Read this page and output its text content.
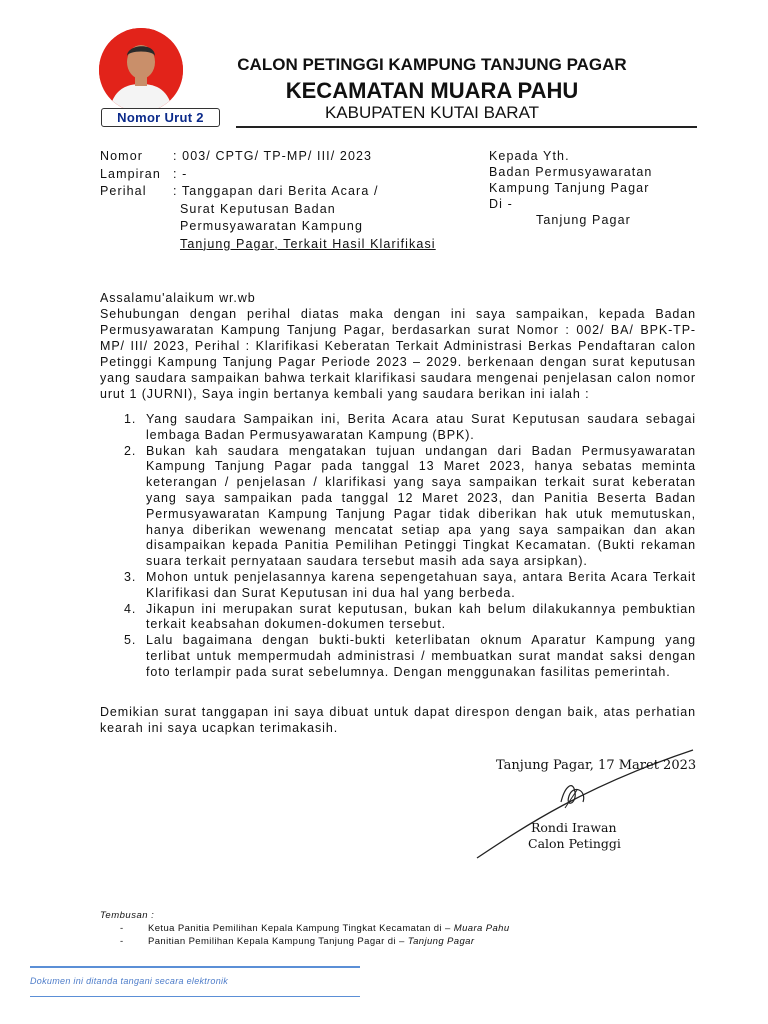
Nomor Urut 2
CALON PETINGGI KAMPUNG TANJUNG PAGAR
KECAMATAN MUARA PAHU
KABUPATEN KUTAI BARAT
Nomor	: 003/ CPTG/ TP-MP/ III/ 2023
Lampiran : -
Perihal	: Tanggapan dari Berita Acara /
Surat Keputusan Badan
Permusyawaratan Kampung
Tanjung Pagar, Terkait Hasil Klarifikasi
Kepada Yth.
Badan Permusyawaratan
Kampung Tanjung Pagar
Di -
Tanjung Pagar

Assalamu'alaikum wr.wb

Sehubungan dengan perihal diatas maka dengan ini saya sampaikan, kepada Badan Permusyawaratan Kampung Tanjung Pagar, berdasarkan surat Nomor : 002/ BA/ BPK-TP-MP/ III/ 2023, Perihal : Klarifikasi Keberatan Terkait Administrasi Berkas Pendaftaran calon Petinggi Kampung Tanjung Pagar Periode 2023 – 2029. berkenaan dengan surat keputusan yang saudara sampaikan bahwa terkait klarifikasi saudara mengenai penjelasan calon nomor urut 1 (JURNI), Saya ingin bertanya kembali yang saudara berikan ini ialah :

1. Yang saudara Sampaikan ini, Berita Acara atau Surat Keputusan saudara sebagai lembaga Badan Permusyawaratan Kampung (BPK).
2. Bukan kah saudara mengatakan tujuan undangan dari Badan Permusyawaratan Kampung Tanjung Pagar pada tanggal 13 Maret 2023, hanya sebatas meminta keterangan / penjelasan / klarifikasi yang saya sampaikan terkait surat keberatan yang saya sampaikan pada tanggal 12 Maret 2023, dan Panitia Beserta Badan Permusyawaratan Kampung Tanjung Pagar tidak diberikan hak utuk memutuskan, hanya diberikan wewenang mencatat setiap apa yang saya sampaikan dan akan disampaikan kepada Panitia Pemilihan Petinggi Tingkat Kecamatan. (Bukti rekaman suara terkait pernyataan saudara tersebut masih ada saya arsipkan).
3. Mohon untuk penjelasannya karena sepengetahuan saya, antara Berita Acara Terkait Klarifikasi dan Surat Keputusan ini dua hal yang berbeda.
4. Jikapun ini merupakan surat keputusan, bukan kah belum dilakukannya pembuktian terkait keabsahan dokumen-dokumen tersebut.
5. Lalu bagaimana dengan bukti-bukti keterlibatan oknum Aparatur Kampung yang terlibat untuk mempermudah administrasi / membuatkan surat mandat saksi dengan foto terlampir pada surat sebelumnya. Dengan menggunakan fasilitas pemerintah.
Demikian surat tanggapan ini saya dibuat untuk dapat direspon dengan baik, atas perhatian kearah ini saya ucapkan terimakasih.
Tanjung Pagar, 17 Maret 2023
Rondi Irawan
Calon Petinggi
Tembusan :
-	Ketua Panitia Pemilihan Kepala Kampung Tingkat Kecamatan di – Muara Pahu
-	Panitian Pemilihan Kepala Kampung Tanjung Pagar di – Tanjung Pagar
Dokumen ini ditanda tangani secara elektronik
